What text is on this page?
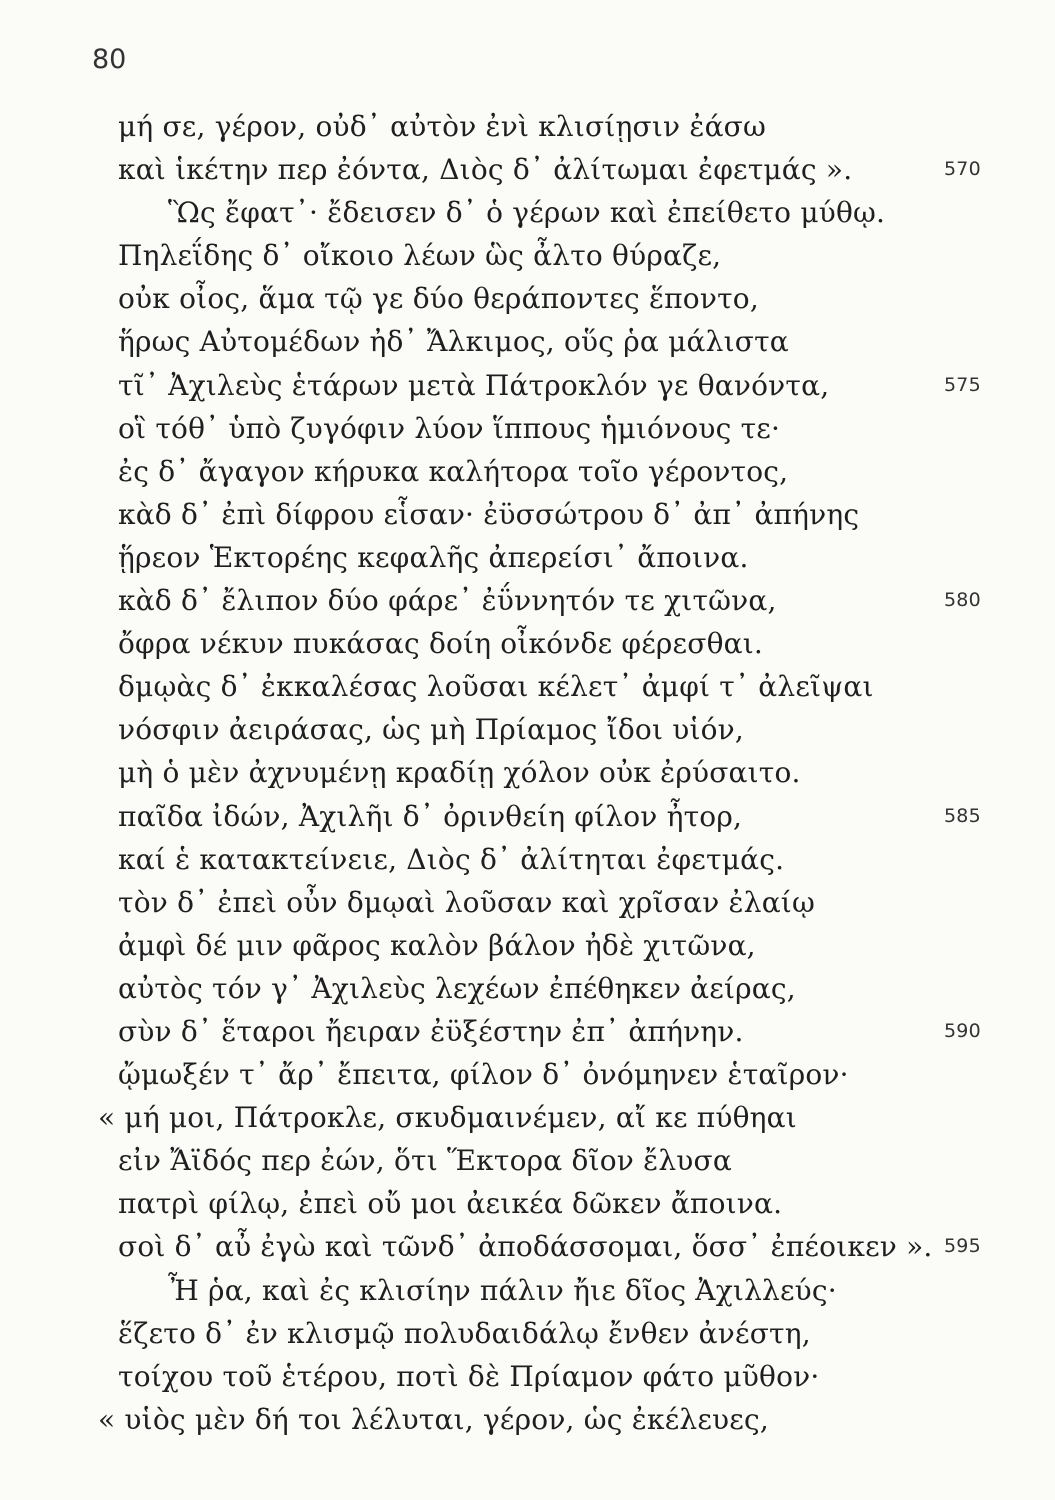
80
μή σε, γέρον, οὐδ᾽ αὐτὸν ἐνὶ κλισίῃσιν ἐάσω
καὶ ἱκέτην περ ἐόντα, Διὸς δ᾽ ἀλίτωμαι ἐφετμάς ».	570
Ὣς ἔφατ᾽· ἔδεισεν δ᾽ ὁ γέρων καὶ ἐπείθετο μύθῳ.
Πηλεΐδης δ᾽ οἴκοιο λέων ὣς ἆλτο θύραζε,
οὐκ οἶος, ἅμα τῷ γε δύο θεράποντες ἕποντο,
ἥρως Αὐτομέδων ἠδ᾽ Ἄλκιμος, οὕς ῥα μάλιστα
τῖ᾽ Ἀχιλεὺς ἑτάρων μετὰ Πάτροκλόν γε θανόντα,	575
οἳ τόθ᾽ ὑπὸ ζυγόφιν λύον ἵππους ἡμιόνους τε·
ἐς δ᾽ ἄγαγον κήρυκα καλήτορα τοῖο γέροντος,
κὰδ δ᾽ ἐπὶ δίφρου εἷσαν· ἐϋσσώτρου δ᾽ ἀπ᾽ ἀπήνης
ᾕρεον Ἑκτορέης κεφαλῆς ἀπερείσι᾽ ἄποινα.
κὰδ δ᾽ ἔλιπον δύο φάρε᾽ ἐΰννητόν τε χιτῶνα,	580
ὄφρα νέκυν πυκάσας δοίη οἶκόνδε φέρεσθαι.
δμῳὰς δ᾽ ἐκκαλέσας λοῦσαι κέλετ᾽ ἀμφί τ᾽ ἀλεῖψαι
νόσφιν ἀειράσας, ὡς μὴ Πρίαμος ἴδοι υἱόν,
μὴ ὁ μὲν ἀχνυμένῃ κραδίῃ χόλον οὐκ ἐρύσαιτο.
παῖδα ἰδών, Ἀχιλῆι δ᾽ ὀρινθείη φίλον ἦτορ,	585
καί ἑ κατακτείνειε, Διὸς δ᾽ ἀλίτηται ἐφετμάς.
τὸν δ᾽ ἐπεὶ οὖν δμῳαὶ λοῦσαν καὶ χρῖσαν ἐλαίῳ
ἀμφὶ δέ μιν φᾶρος καλὸν βάλον ἠδὲ χιτῶνα,
αὐτὸς τόν γ᾽ Ἀχιλεὺς λεχέων ἐπέθηκεν ἀείρας,
σὺν δ᾽ ἕταροι ἤειραν ἐϋξέστην ἐπ᾽ ἀπήνην.	590
ᾤμωξέν τ᾽ ἄρ᾽ ἔπειτα, φίλον δ᾽ ὀνόμηνεν ἑταῖρον·
« μή μοι, Πάτροκλε, σκυδμαινέμεν, αἴ κε πύθηαι
εἰν Ἄϊδός περ ἐών, ὅτι Ἕκτορα δῖον ἔλυσα
πατρὶ φίλῳ, ἐπεὶ οὔ μοι ἀεικέα δῶκεν ἄποινα.
σοὶ δ᾽ αὖ ἐγὼ καὶ τῶνδ᾽ ἀποδάσσομαι, ὅσσ᾽ ἐπέοικεν ». 595
Ἦ ῥα, καὶ ἐς κλισίην πάλιν ἤιε δῖος Ἀχιλλεύς·
ἕζετο δ᾽ ἐν κλισμῷ πολυδαιδάλῳ ἔνθεν ἀνέστη,
τοίχου τοῦ ἑτέρου, ποτὶ δὲ Πρίαμον φάτο μῦθον·
« υἱὸς μὲν δή τοι λέλυται, γέρον, ὡς ἐκέλευες,
